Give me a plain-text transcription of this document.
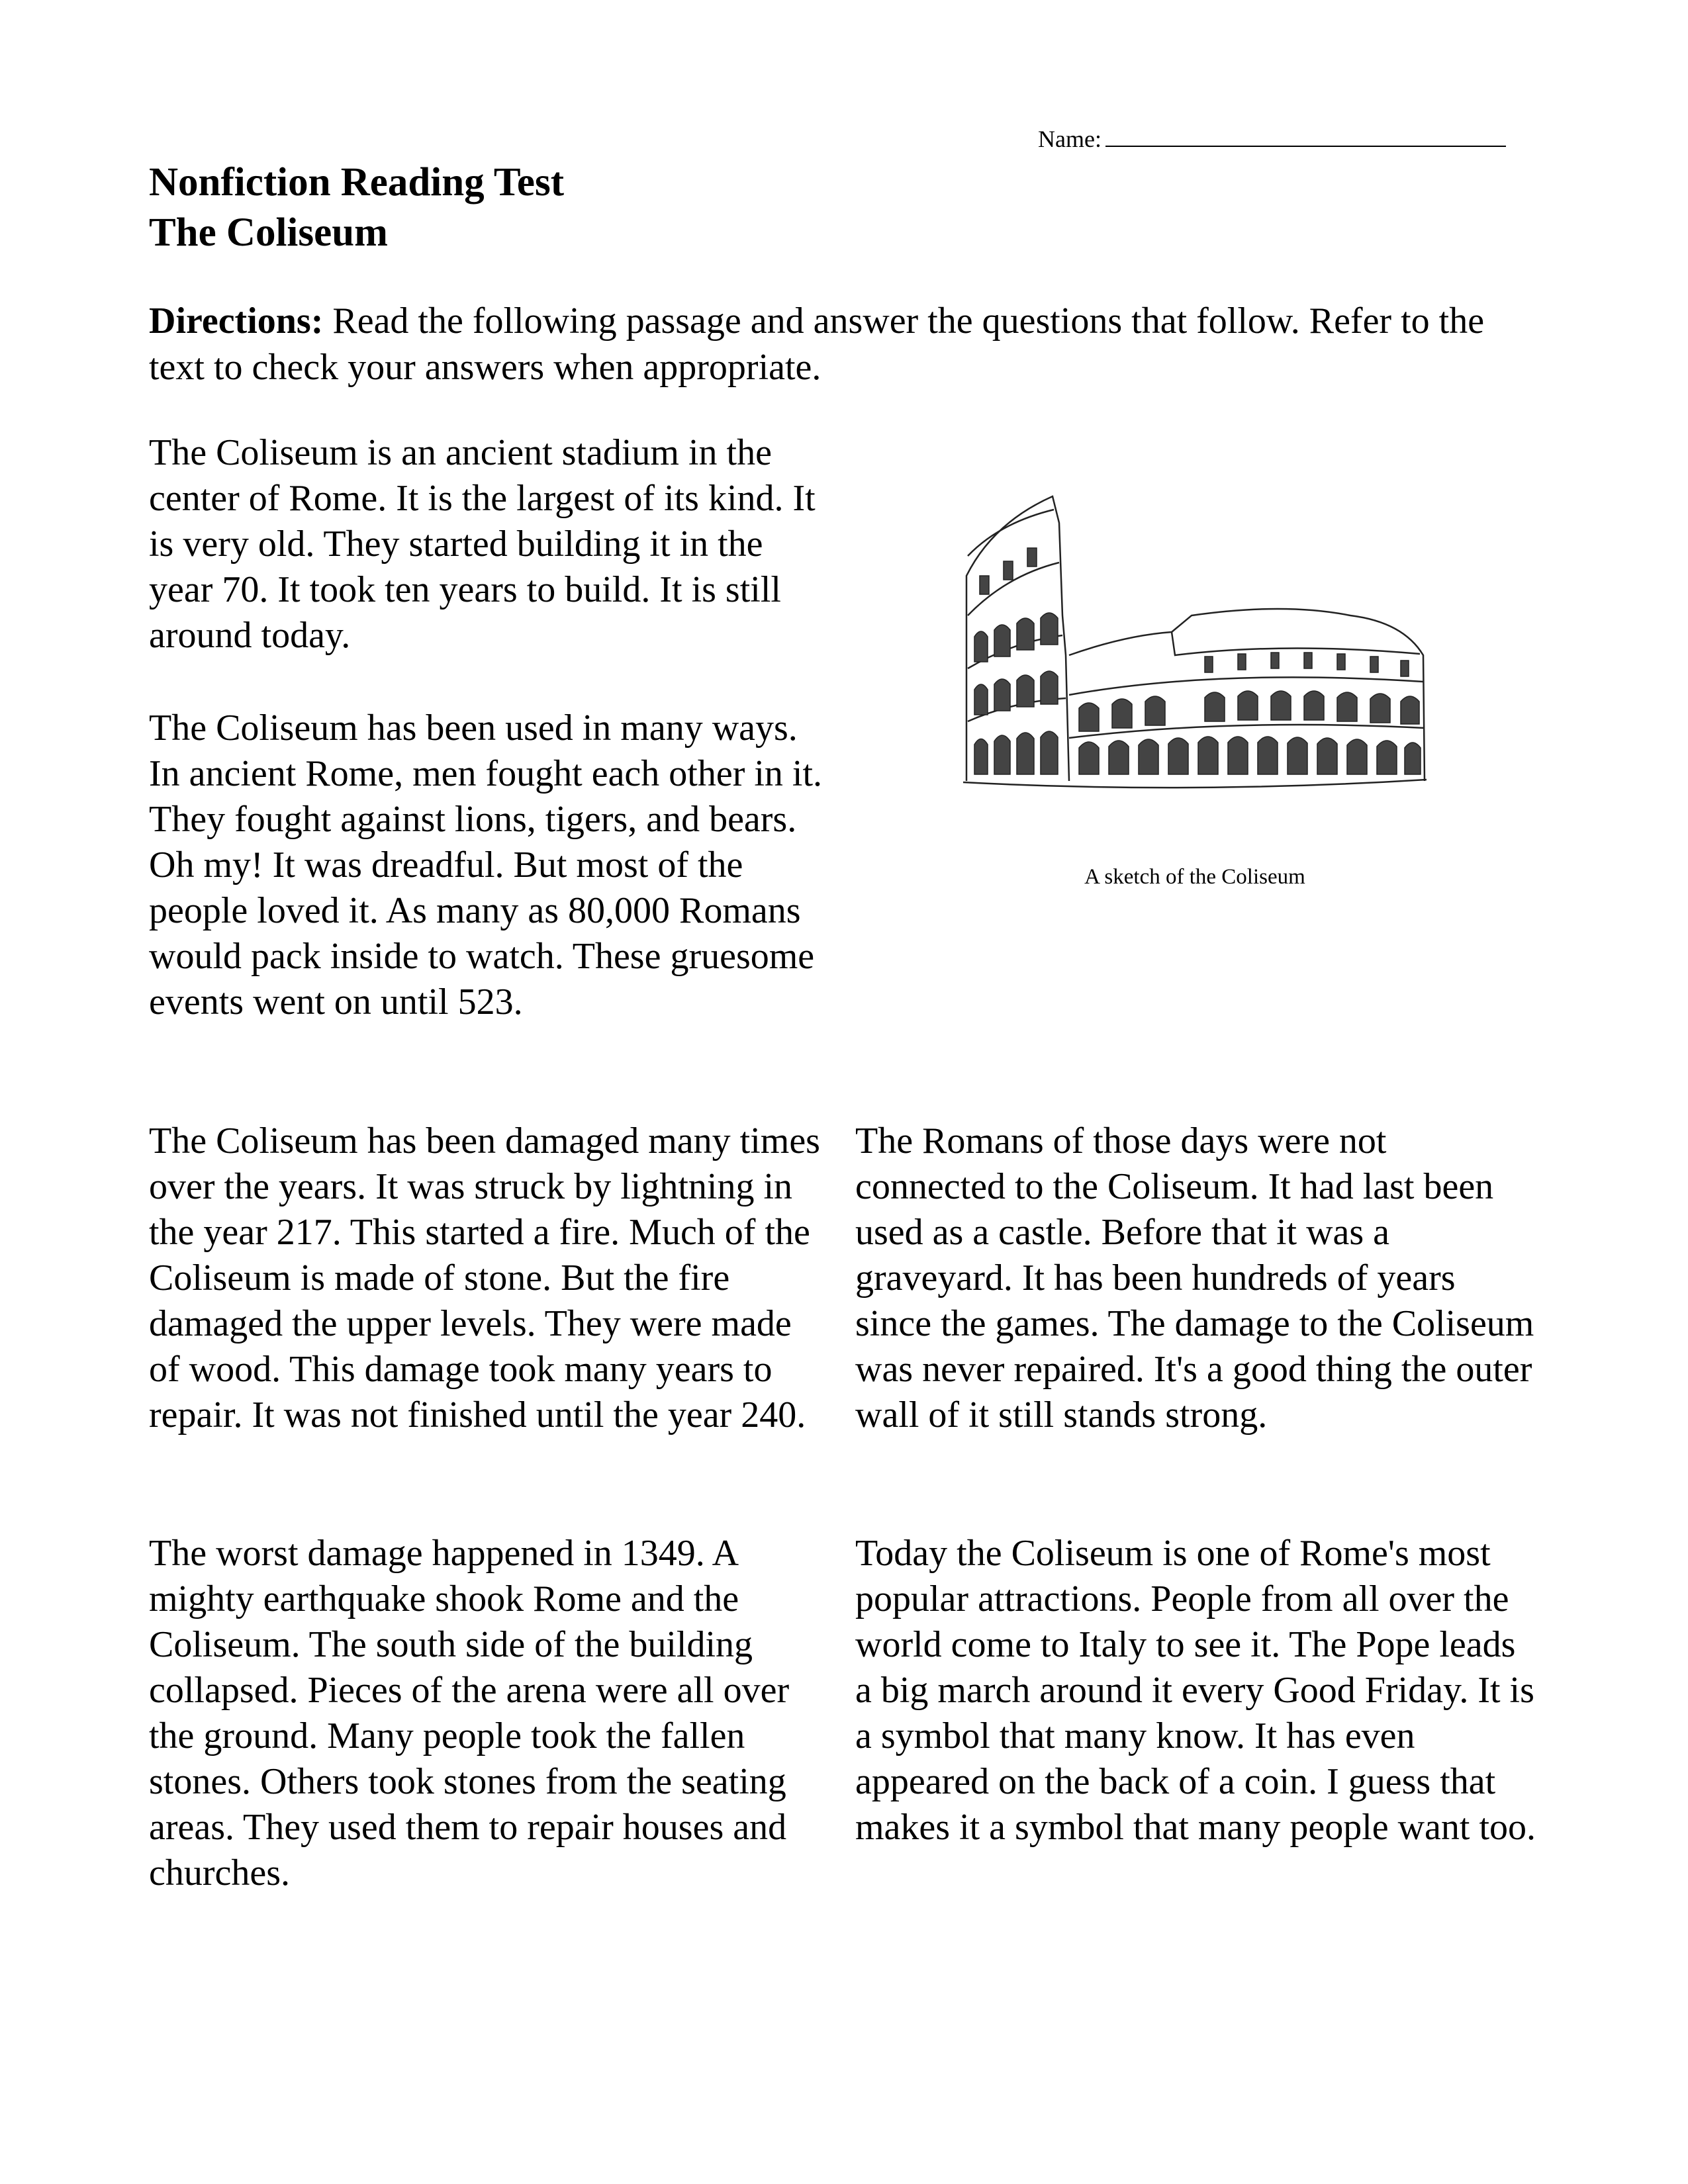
Name:
Nonfiction Reading Test
The Coliseum
Directions: Read the following passage and answer the questions that follow. Refer to the text to check your answers when appropriate.
The Coliseum is an ancient stadium in the center of Rome. It is the largest of its kind. It is very old. They started building it in the year 70. It took ten years to build. It is still around today.
The Coliseum has been used in many ways. In ancient Rome, men fought each other in it. They fought against lions, tigers, and bears. Oh my! It was dreadful. But most of the people loved it. As many as 80,000 Romans would pack inside to watch. These gruesome events went on until 523.
The Coliseum has been damaged many times over the years. It was struck by lightning in the year 217. This started a fire. Much of the Coliseum is made of stone. But the fire damaged the upper levels. They were made of wood. This damage took many years to repair. It was not finished until the year 240.
The worst damage happened in 1349. A mighty earthquake shook Rome and the Coliseum. The south side of the building collapsed. Pieces of the arena were all over the ground. Many people took the fallen stones. Others took stones from the seating areas. They used them to repair houses and churches.
The Romans of those days were not connected to the Coliseum. It had last been used as a castle. Before that it was a graveyard. It has been hundreds of years since the games. The damage to the Coliseum was never repaired. It's a good thing the outer wall of it still stands strong.
Today the Coliseum is one of Rome's most popular attractions. People from all over the world come to Italy to see it. The Pope leads a big march around it every Good Friday. It is a symbol that many know. It has even appeared on the back of a coin. I guess that makes it a symbol that many people want too.
A sketch of the Coliseum
